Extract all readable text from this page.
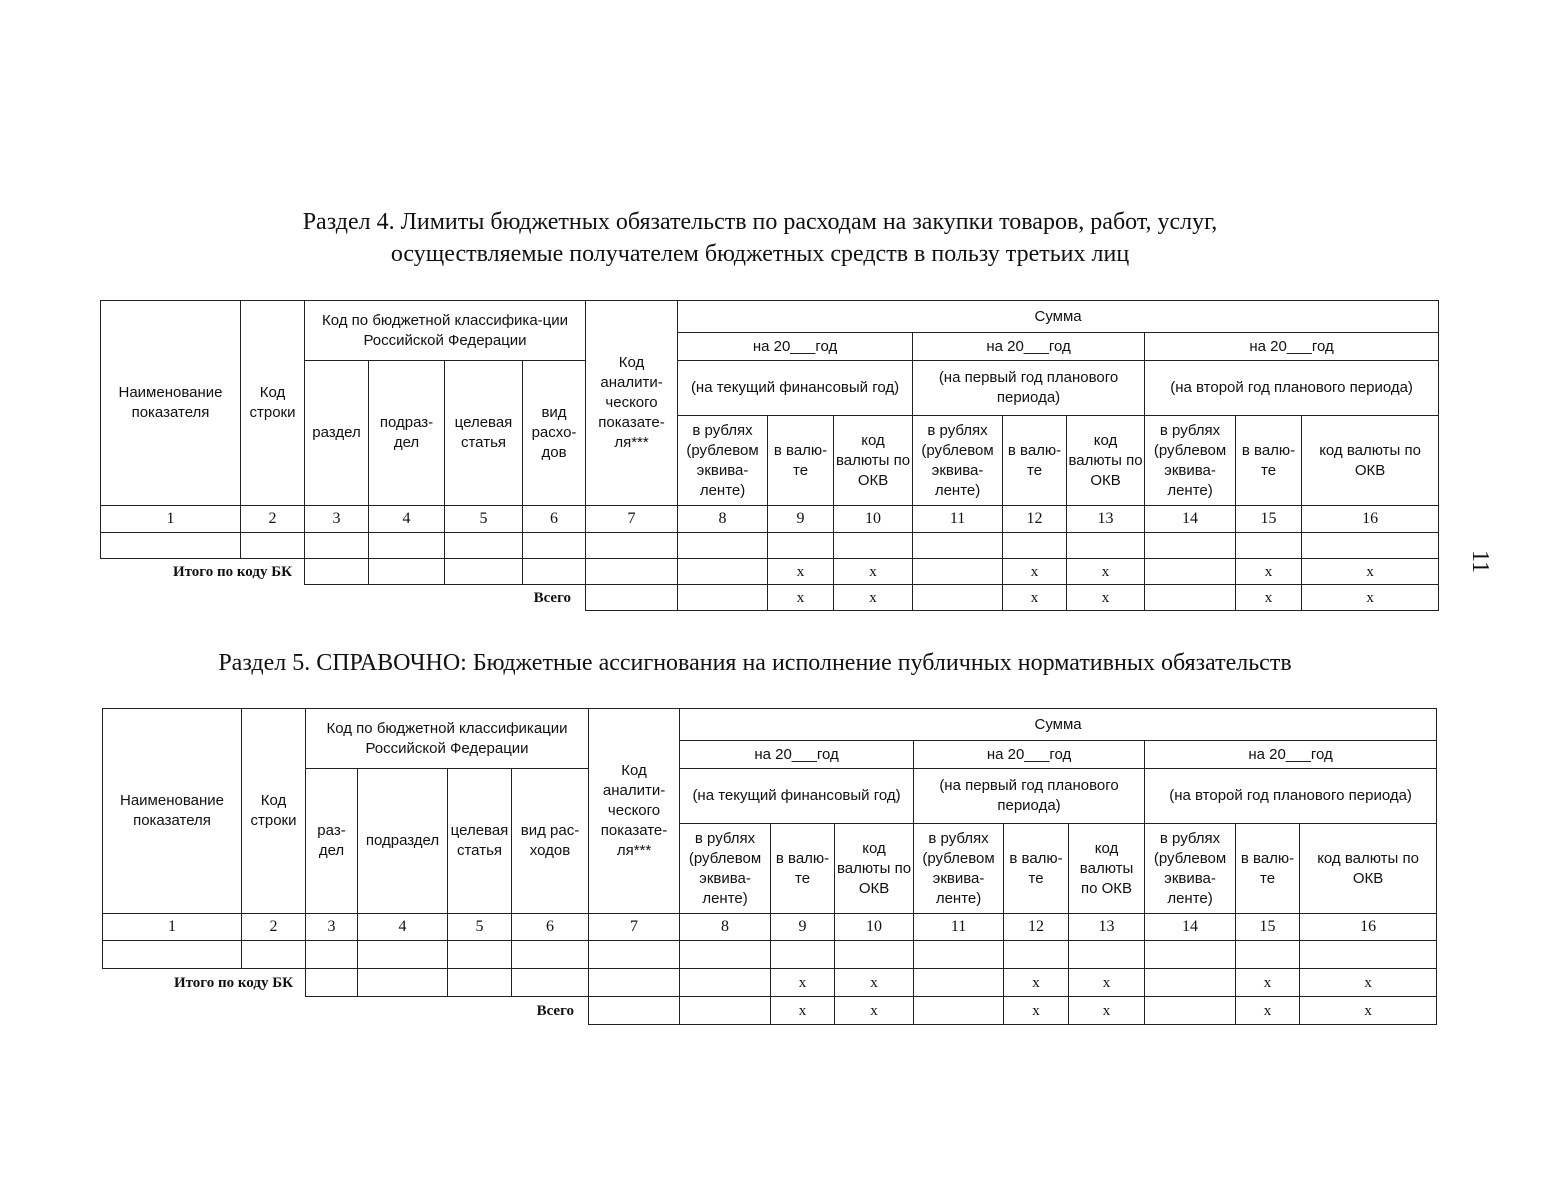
Раздел 4. Лимиты бюджетных обязательств по расходам на закупки товаров, работ, услуг,
осуществляемые получателем бюджетных средств в пользу третьих лиц
Наименование показателя	Код строки	Код по бюджетной классифика-ции Российской Федерации				Код аналити-ческого показате-ля***	Сумма								
							на 20___год			на 20___год			на 20___год		
		раздел	подраз-дел	целевая статья	вид расхо-дов		(на текущий финансовый год)			(на первый год планового периода)			(на второй год планового периода)		
							в рублях (рублевом эквива-ленте)	в валю-те	код валюты по ОКВ	в рублях (рублевом эквива-ленте)	в валю-те	код валюты по ОКВ	в рублях (рублевом эквива-ленте)	в валю-те	код валюты по ОКВ
1	2	3	4	5	6	7	8	9	10	11	12	13	14	15	16

Итого по коду БК								x	x		x	x		x	x
Всего								x	x		x	x		x	x
Раздел 5. СПРАВОЧНО: Бюджетные ассигнования на исполнение публичных нормативных обязательств
Наименование показателя	Код строки	Код по бюджетной классификации Российской Федерации				Код аналити-ческого показате-ля***	Сумма								
							на 20___год			на 20___год			на 20___год		
		раз-дел	подраздел	целевая статья	вид рас-ходов		(на текущий финансовый год)			(на первый год планового периода)			(на второй год планового периода)		
							в рублях (рублевом эквива-ленте)	в валю-те	код валюты по ОКВ	в рублях (рублевом эквива-ленте)	в валю-те	код валюты по ОКВ	в рублях (рублевом эквива-ленте)	в валю-те	код валюты по ОКВ
1	2	3	4	5	6	7	8	9	10	11	12	13	14	15	16

Итого по коду БК								x	x		x	x		x	x
Всего								x	x		x	x		x	x
11
